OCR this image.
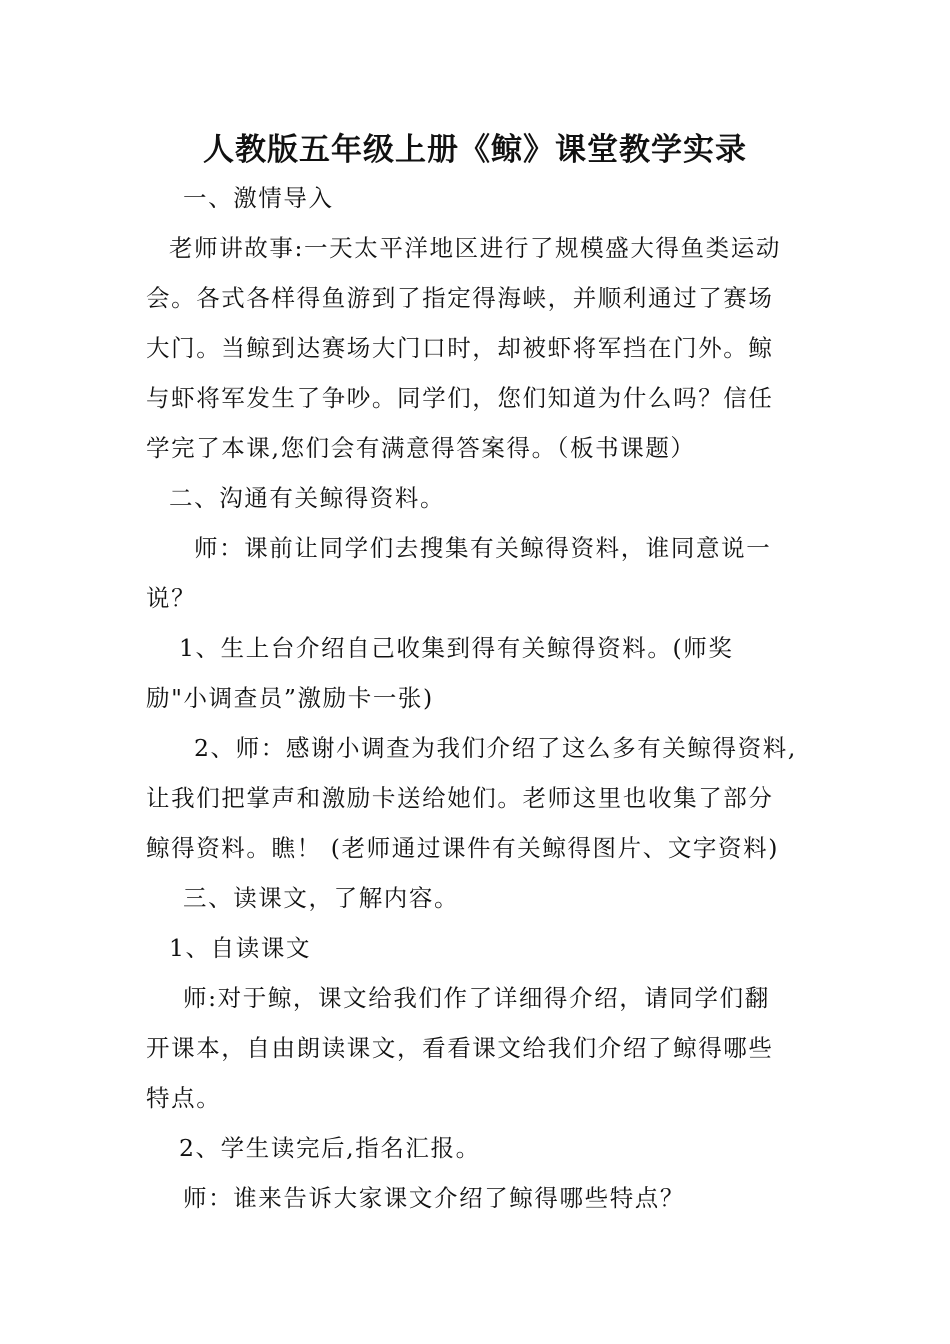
人教版五年级上册《鲸》课堂教学实录
一、激情导入
老师讲故事:一天太平洋地区进行了规模盛大得鱼类运动
会。各式各样得鱼游到了指定得海峡，并顺利通过了赛场
大门。当鲸到达赛场大门口时，却被虾将军挡在门外。鲸
与虾将军发生了争吵。同学们，您们知道为什么吗？信任
学完了本课,您们会有满意得答案得。（板书课题）
二、沟通有关鲸得资料。
师：课前让同学们去搜集有关鲸得资料，谁同意说一
说？
1、生上台介绍自己收集到得有关鲸得资料。(师奖
励"小调查员”激励卡一张)
2、师：感谢小调查为我们介绍了这么多有关鲸得资料,
让我们把掌声和激励卡送给她们。老师这里也收集了部分
鲸得资料。瞧！ (老师通过课件有关鲸得图片、文字资料)
三、读课文，了解内容。
1、自读课文
师:对于鲸，课文给我们作了详细得介绍，请同学们翻
开课本，自由朗读课文，看看课文给我们介绍了鲸得哪些
特点。
2、学生读完后,指名汇报。
师：谁来告诉大家课文介绍了鲸得哪些特点？
